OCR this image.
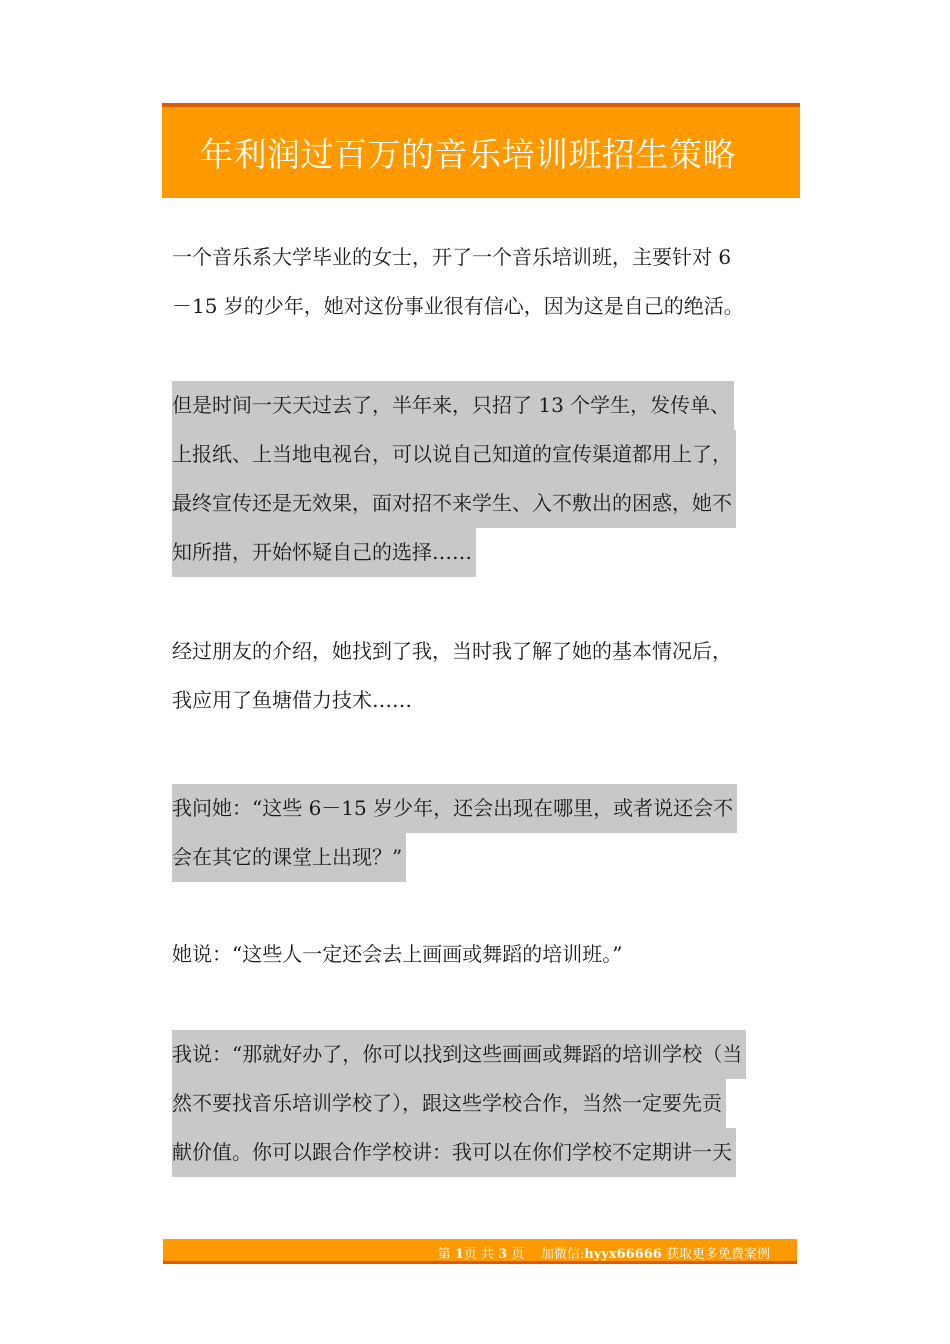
年利润过百万的音乐培训班招生策略
一个音乐系大学毕业的女士，开了一个音乐培训班，主要针对 6
－15 岁的少年，她对这份事业很有信心，因为这是自己的绝活。
但是时间一天天过去了，半年来，只招了 13 个学生，发传单、
上报纸、上当地电视台，可以说自己知道的宣传渠道都用上了，
最终宣传还是无效果，面对招不来学生、入不敷出的困惑，她不
知所措，开始怀疑自己的选择……
经过朋友的介绍，她找到了我，当时我了解了她的基本情况后，
我应用了鱼塘借力技术……
我问她：“这些 6－15 岁少年，还会出现在哪里，或者说还会不
会在其它的课堂上出现？”
她说：“这些人一定还会去上画画或舞蹈的培训班。”
我说：“那就好办了，你可以找到这些画画或舞蹈的培训学校（当
然不要找音乐培训学校了），跟这些学校合作，当然一定要先贡
献价值。你可以跟合作学校讲：我可以在你们学校不定期讲一天
第 1页 共 3 页 加微信:hyyx66666 获取更多免费案例
